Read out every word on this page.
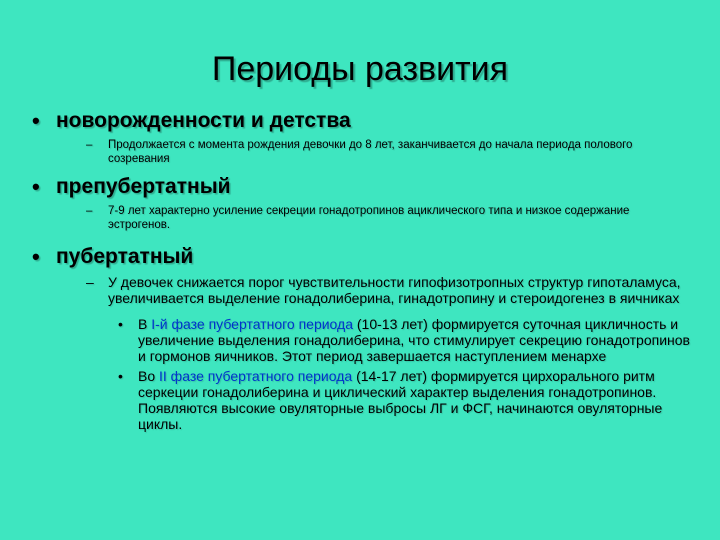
Периоды развития
• новорожденности и детства
– Продолжается с момента рождения девочки до 8 лет, заканчивается до начала периода полового созревания
• препубертатный
– 7-9 лет характерно усиление секреции гонадотропинов ациклического типа и низкое содержание эстрогенов.
• пубертатный
– У девочек снижается порог чувствительности гипофизотропных структур гипоталамуса, увеличивается выделение гонадолиберина, гинадотропину и стероидогенез в яичниках
• В I-й фазе пубертатного периода (10-13 лет) формируется суточная цикличность и увеличение выделения гонадолиберина, что стимулирует секрецию гонадотропинов и гормонов яичников. Этот период завершается наступлением менархе
• Во II фазе пубертатного периода (14-17 лет) формируется цирхорального ритм серкеции гонадолиберина и циклический характер выделения гонадотропинов. Появляются высокие овуляторные выбросы ЛГ и ФСГ, начинаются овуляторные циклы.
